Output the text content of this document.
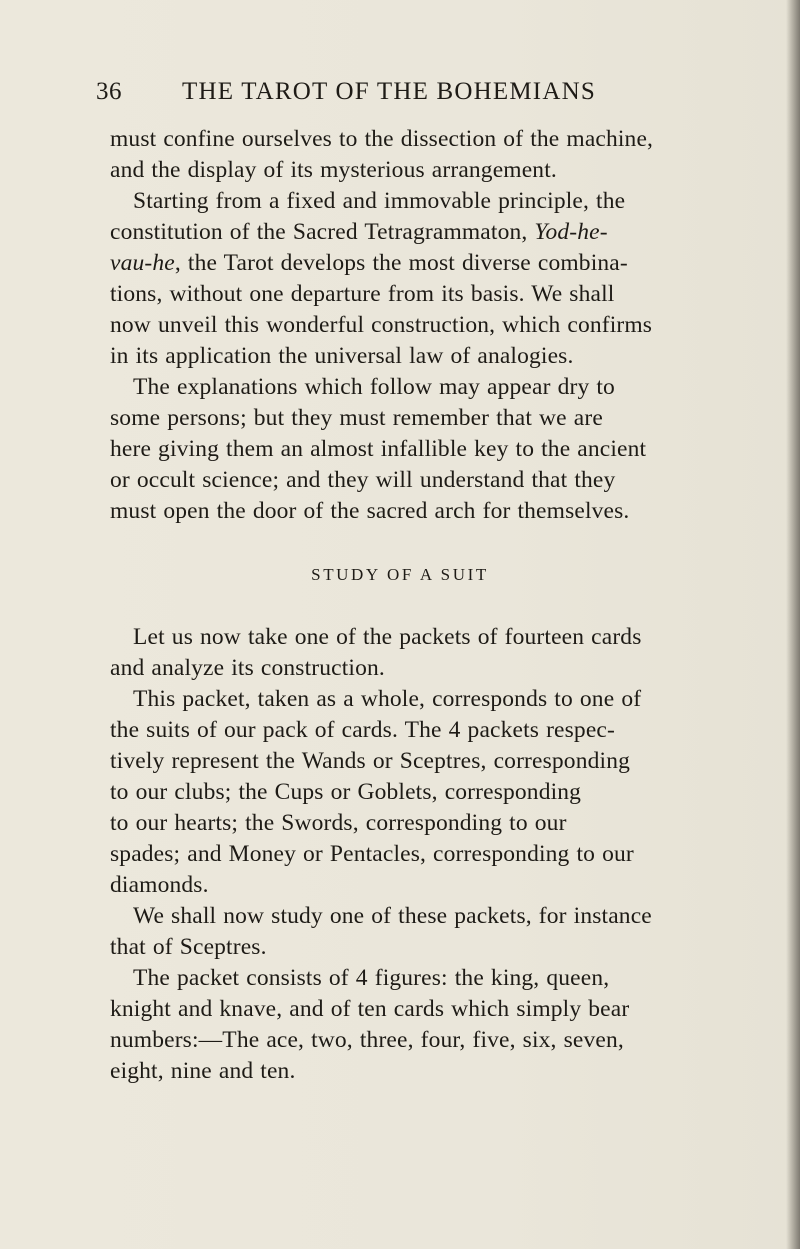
36 THE TAROT OF THE BOHEMIANS
must confine ourselves to the dissection of the machine,
and the display of its mysterious arrangement.
Starting from a fixed and immovable principle, the
constitution of the Sacred Tetragrammaton, Yod-he-
vau-he, the Tarot develops the most diverse combina-
tions, without one departure from its basis. We shall
now unveil this wonderful construction, which confirms
in its application the universal law of analogies.
The explanations which follow may appear dry to
some persons; but they must remember that we are
here giving them an almost infallible key to the ancient
or occult science; and they will understand that they
must open the door of the sacred arch for themselves.
STUDY OF A SUIT
Let us now take one of the packets of fourteen cards
and analyze its construction.
This packet, taken as a whole, corresponds to one of
the suits of our pack of cards. The 4 packets respec-
tively represent the Wands or Sceptres, corresponding
to our clubs; the Cups or Goblets, corresponding
to our hearts; the Swords, corresponding to our
spades; and Money or Pentacles, corresponding to our
diamonds.
We shall now study one of these packets, for instance
that of Sceptres.
The packet consists of 4 figures: the king, queen,
knight and knave, and of ten cards which simply bear
numbers:—The ace, two, three, four, five, six, seven,
eight, nine and ten.
